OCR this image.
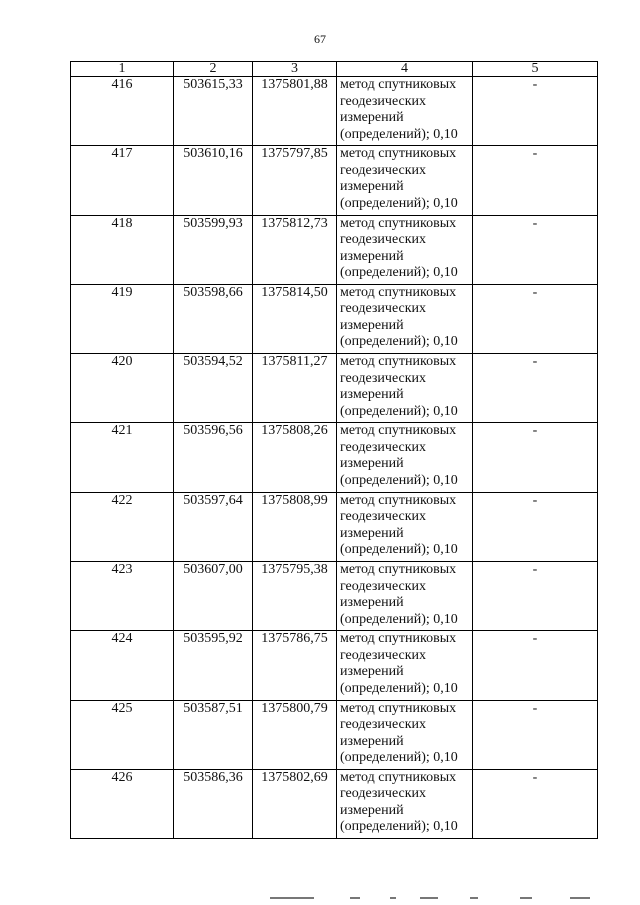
67
1	2	3	4	5
416	503615,33	1375801,88	метод спутниковых
геодезических
измерений
(определений); 0,10	-
417	503610,16	1375797,85	метод спутниковых
геодезических
измерений
(определений); 0,10	-
418	503599,93	1375812,73	метод спутниковых
геодезических
измерений
(определений); 0,10	-
419	503598,66	1375814,50	метод спутниковых
геодезических
измерений
(определений); 0,10	-
420	503594,52	1375811,27	метод спутниковых
геодезических
измерений
(определений); 0,10	-
421	503596,56	1375808,26	метод спутниковых
геодезических
измерений
(определений); 0,10	-
422	503597,64	1375808,99	метод спутниковых
геодезических
измерений
(определений); 0,10	-
423	503607,00	1375795,38	метод спутниковых
геодезических
измерений
(определений); 0,10	-
424	503595,92	1375786,75	метод спутниковых
геодезических
измерений
(определений); 0,10	-
425	503587,51	1375800,79	метод спутниковых
геодезических
измерений
(определений); 0,10	-
426	503586,36	1375802,69	метод спутниковых
геодезических
измерений
(определений); 0,10	-
